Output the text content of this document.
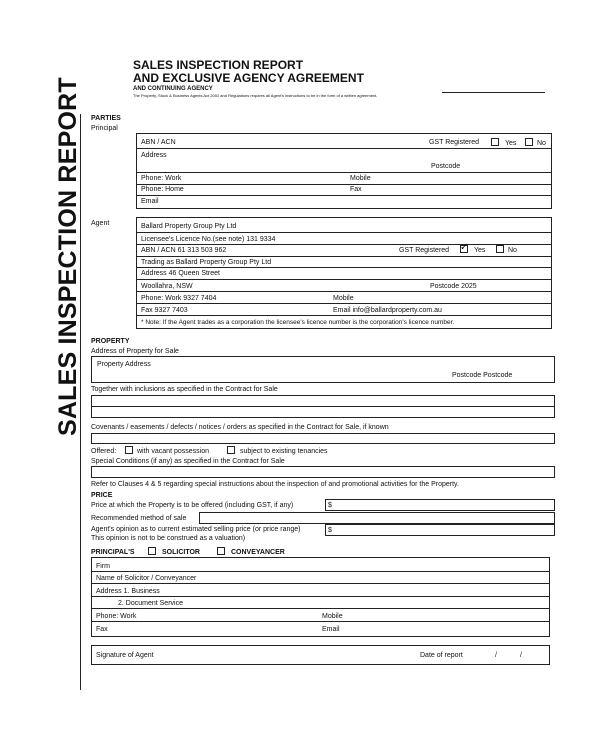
SALES INSPECTION REPORT
AND EXCLUSIVE AGENCY AGREEMENT
AND CONTINUING AGENCY
The Property, Stock & Business Agents Act 2002 and Regulations requires all Agent's instructions to be in the form of a written agreement.
SALES INSPECTION REPORT PARTIES
Principal
ABN / ACN	GST Registered	Yes	No
Address
Postcode
Phone: Work	Mobile
Phone: Home	Fax
Email
Agent	Ballard Property Group Pty Ltd
Licensee's Licence No.(see note) 131 9334
ABN / ACN 61 313 503 962	GST Registered ✓ Yes	No
Trading as Ballard Property Group Pty Ltd
Address 46 Queen Street
Woollahra, NSW	Postcode 2025
Phone: Work 9327 7404	Mobile
Fax 9327 7403	Email info@ballardproperty.com.au
* Note: If the Agent trades as a corporation the licensee's licence number is the corporation's licence number.
PROPERTY
Address of Property for Sale
Property Address
Postcode Postcode
Together with inclusions as specified in the Contract for Sale
Covenants / easements / defects / notices / orders as specified in the Contract for Sale, if known
Offered:	with vacant possession	subject to existing tenancies
Special Conditions (if any) as specified in the Contract for Sale
Refer to Clauses 4 & 5 regarding special instructions about the inspection of and promotional activities for the Property.
PRICE
Price at which the Property is to be offered (including GST, if any)	$
Recommended method of sale
Agent's opinion as to current estimated selling price (or price range)
This opinion is not to be construed as a valuation)
$
PRINCIPAL'S	SOLICITOR	CONVEYANCER
Firm
Name of Solicitor / Conveyancer
Address 1. Business
2. Document Service
Phone: Work	Mobile
Fax	Email
Signature of Agent	Date of report	/	/
